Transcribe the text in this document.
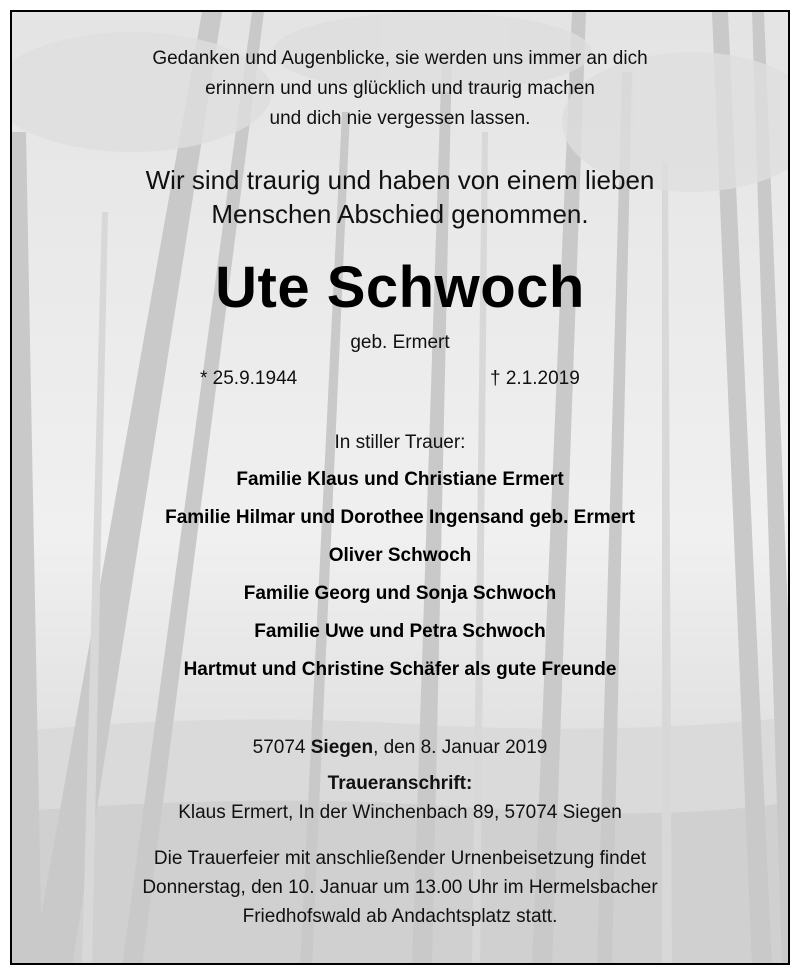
Gedanken und Augenblicke, sie werden uns immer an dich
erinnern und uns glücklich und traurig machen
und dich nie vergessen lassen.
Wir sind traurig und haben von einem lieben
Menschen Abschied genommen.
Ute Schwoch
geb. Ermert
* 25.9.1944	† 2.1.2019
In stiller Trauer:
Familie Klaus und Christiane Ermert
Familie Hilmar und Dorothee Ingensand geb. Ermert
Oliver Schwoch
Familie Georg und Sonja Schwoch
Familie Uwe und Petra Schwoch
Hartmut und Christine Schäfer als gute Freunde
57074 Siegen, den 8. Januar 2019
Traueranschrift:
Klaus Ermert, In der Winchenbach 89, 57074 Siegen
Die Trauerfeier mit anschließender Urnenbeisetzung findet
Donnerstag, den 10. Januar um 13.00 Uhr im Hermelsbacher
Friedhofswald ab Andachtsplatz statt.
